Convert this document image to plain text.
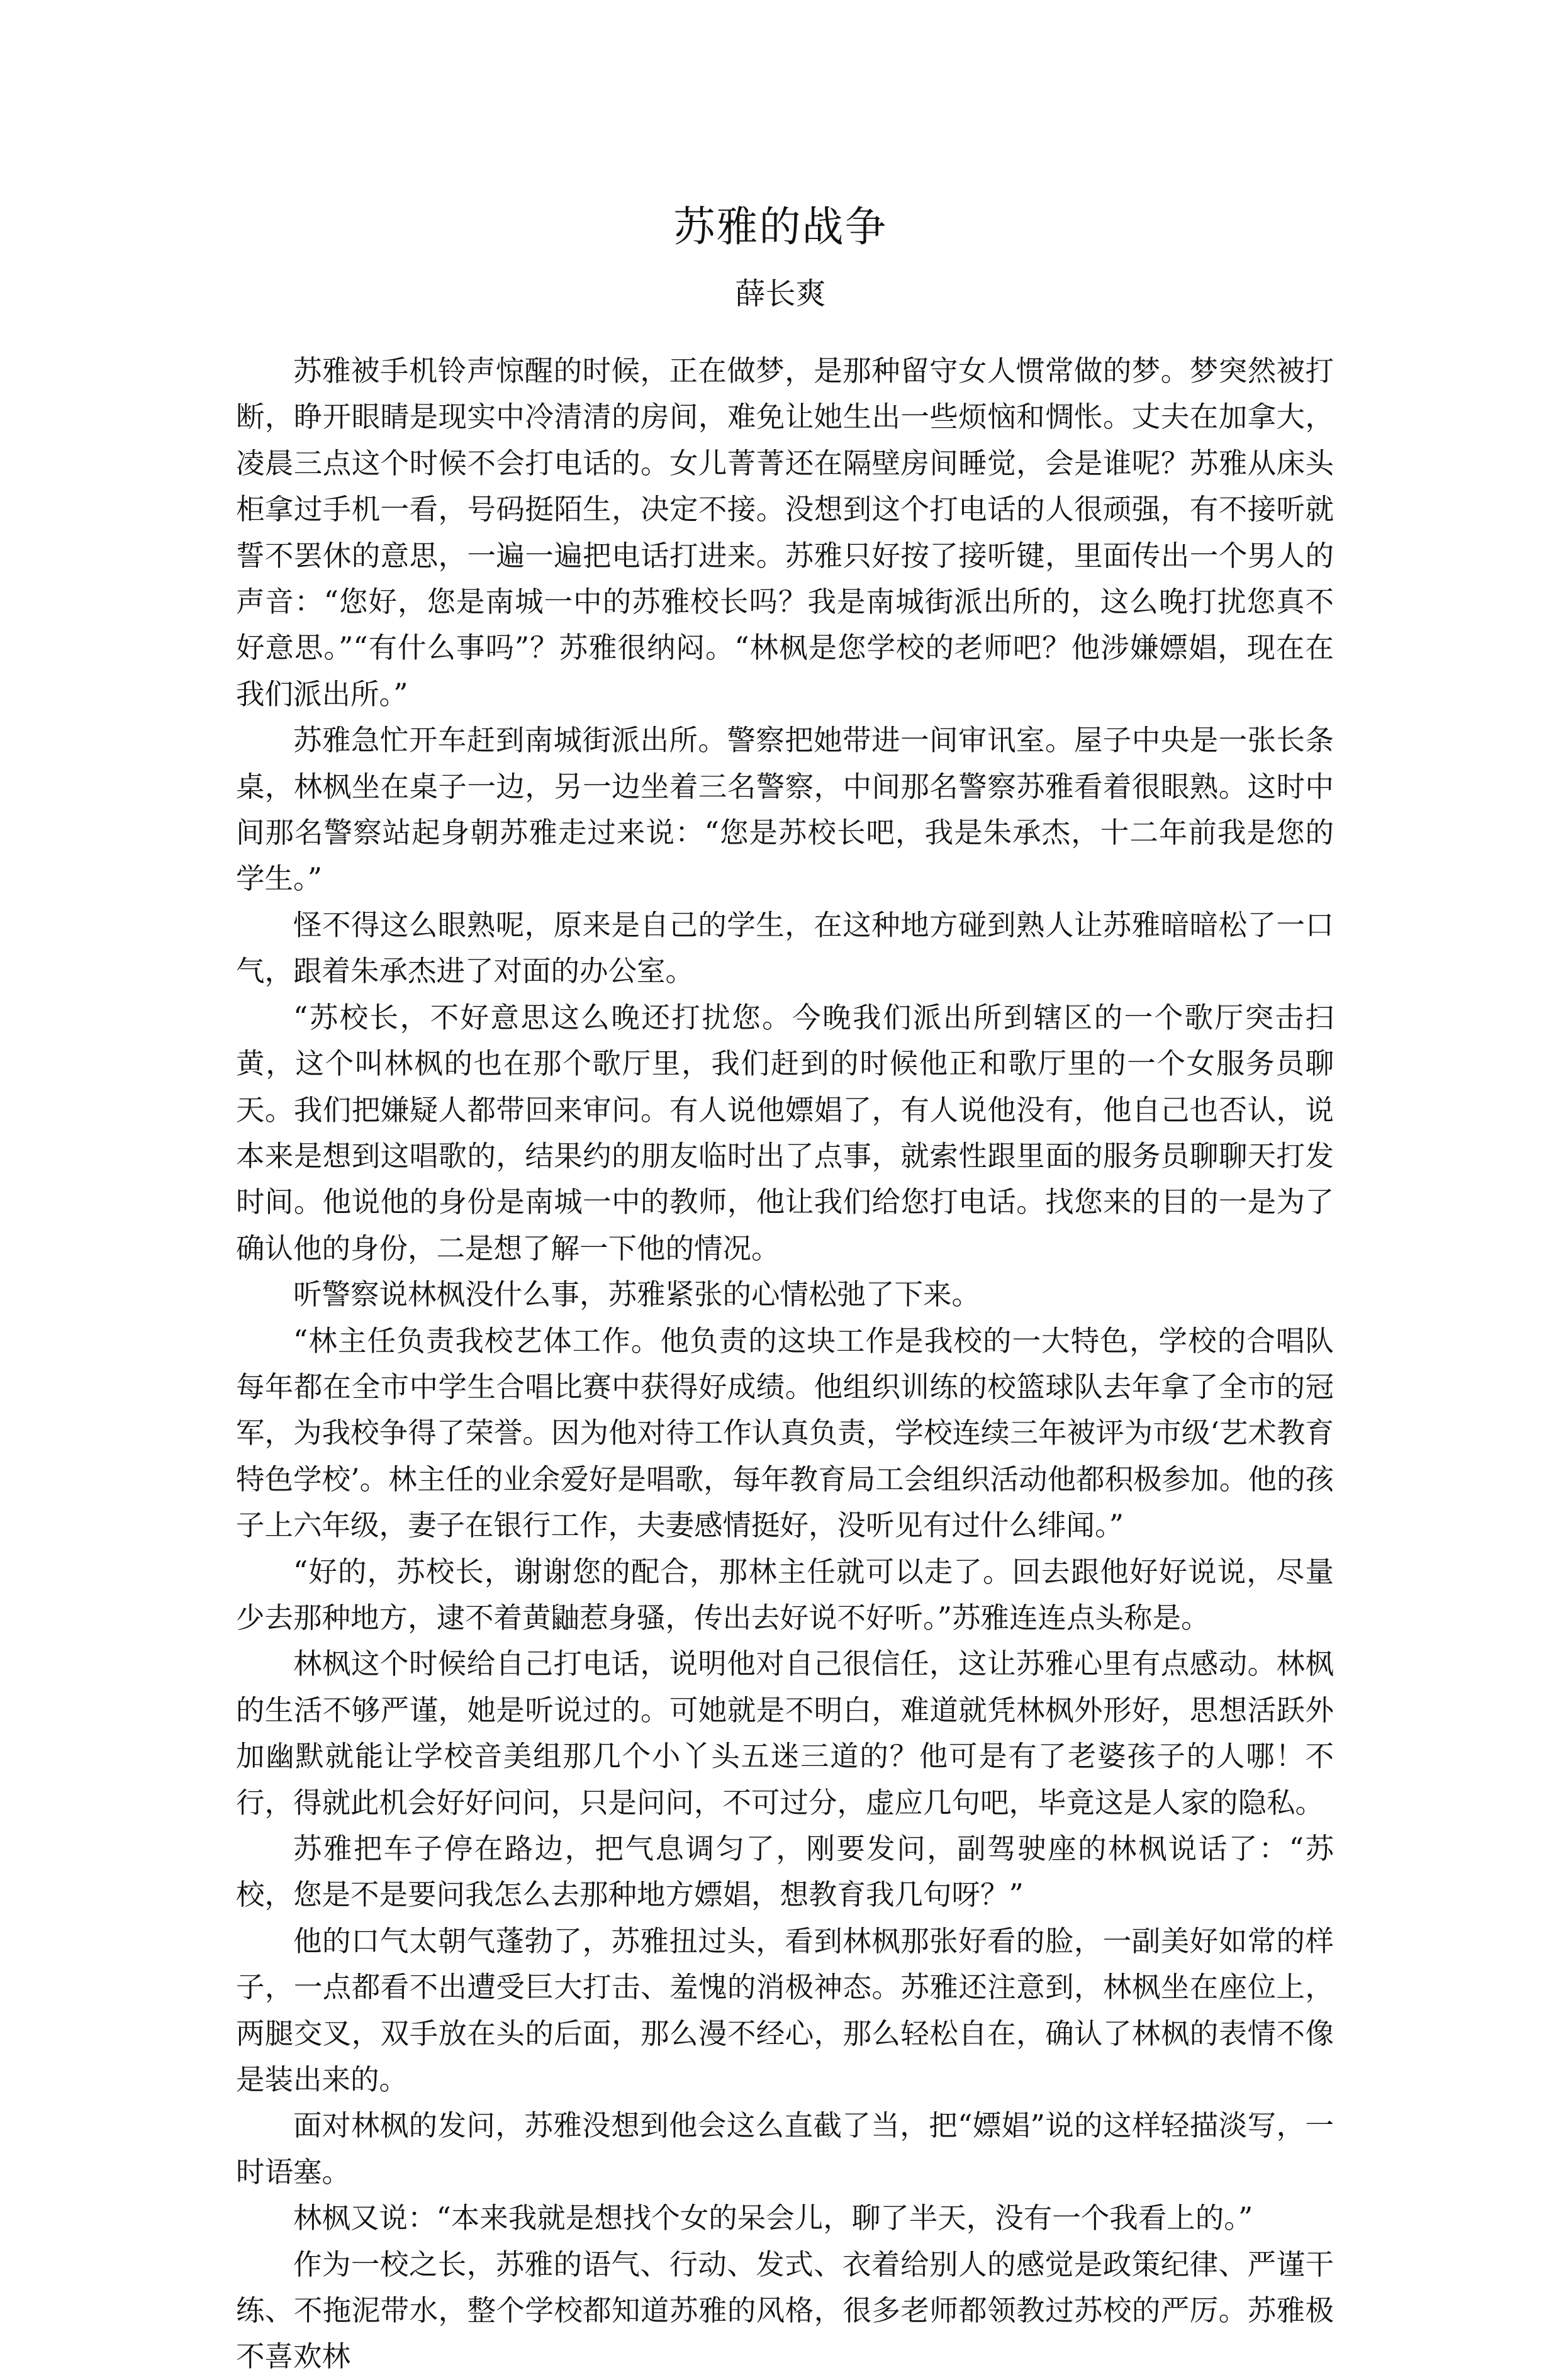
苏雅的战争

薛长爽

苏雅被手机铃声惊醒的时候，正在做梦，是那种留守女人惯常做的梦。梦突然被打断，睁开眼睛是现实中冷清清的房间，难免让她生出一些烦恼和惆怅。丈夫在加拿大，凌晨三点这个时候不会打电话的。女儿菁菁还在隔壁房间睡觉，会是谁呢？苏雅从床头柜拿过手机一看，号码挺陌生，决定不接。没想到这个打电话的人很顽强，有不接听就誓不罢休的意思，一遍一遍把电话打进来。苏雅只好按了接听键，里面传出一个男人的声音：“您好，您是南城一中的苏雅校长吗？我是南城街派出所的，这么晚打扰您真不好意思。”“有什么事吗”？苏雅很纳闷。“林枫是您学校的老师吧？他涉嫌嫖娼，现在在我们派出所。”

苏雅急忙开车赶到南城街派出所。警察把她带进一间审讯室。屋子中央是一张长条桌，林枫坐在桌子一边，另一边坐着三名警察，中间那名警察苏雅看着很眼熟。这时中间那名警察站起身朝苏雅走过来说：“您是苏校长吧，我是朱承杰，十二年前我是您的学生。”

怪不得这么眼熟呢，原来是自己的学生，在这种地方碰到熟人让苏雅暗暗松了一口气，跟着朱承杰进了对面的办公室。

“苏校长，不好意思这么晚还打扰您。今晚我们派出所到辖区的一个歌厅突击扫黄，这个叫林枫的也在那个歌厅里，我们赶到的时候他正和歌厅里的一个女服务员聊天。我们把嫌疑人都带回来审问。有人说他嫖娼了，有人说他没有，他自己也否认，说本来是想到这唱歌的，结果约的朋友临时出了点事，就索性跟里面的服务员聊聊天打发时间。他说他的身份是南城一中的教师，他让我们给您打电话。找您来的目的一是为了确认他的身份，二是想了解一下他的情况。

听警察说林枫没什么事，苏雅紧张的心情松弛了下来。

“林主任负责我校艺体工作。他负责的这块工作是我校的一大特色，学校的合唱队每年都在全市中学生合唱比赛中获得好成绩。他组织训练的校篮球队去年拿了全市的冠军，为我校争得了荣誉。因为他对待工作认真负责，学校连续三年被评为市级‘艺术教育特色学校’。林主任的业余爱好是唱歌，每年教育局工会组织活动他都积极参加。他的孩子上六年级，妻子在银行工作，夫妻感情挺好，没听见有过什么绯闻。”

“好的，苏校长，谢谢您的配合，那林主任就可以走了。回去跟他好好说说，尽量少去那种地方，逮不着黄鼬惹身骚，传出去好说不好听。”苏雅连连点头称是。

林枫这个时候给自己打电话，说明他对自己很信任，这让苏雅心里有点感动。林枫的生活不够严谨，她是听说过的。可她就是不明白，难道就凭林枫外形好，思想活跃外加幽默就能让学校音美组那几个小丫头五迷三道的？他可是有了老婆孩子的人哪！不行，得就此机会好好问问，只是问问，不可过分，虚应几句吧，毕竟这是人家的隐私。

苏雅把车子停在路边，把气息调匀了，刚要发问，副驾驶座的林枫说话了：“苏校，您是不是要问我怎么去那种地方嫖娼，想教育我几句呀？”

他的口气太朝气蓬勃了，苏雅扭过头，看到林枫那张好看的脸，一副美好如常的样子，一点都看不出遭受巨大打击、羞愧的消极神态。苏雅还注意到，林枫坐在座位上，两腿交叉，双手放在头的后面，那么漫不经心，那么轻松自在，确认了林枫的表情不像是装出来的。

面对林枫的发问，苏雅没想到他会这么直截了当，把“嫖娼”说的这样轻描淡写，一时语塞。

林枫又说：“本来我就是想找个女的呆会儿，聊了半天，没有一个我看上的。”

作为一校之长，苏雅的语气、行动、发式、衣着给别人的感觉是政策纪律、严谨干练、不拖泥带水，整个学校都知道苏雅的风格，很多老师都领教过苏校的严厉。苏雅极不喜欢林
